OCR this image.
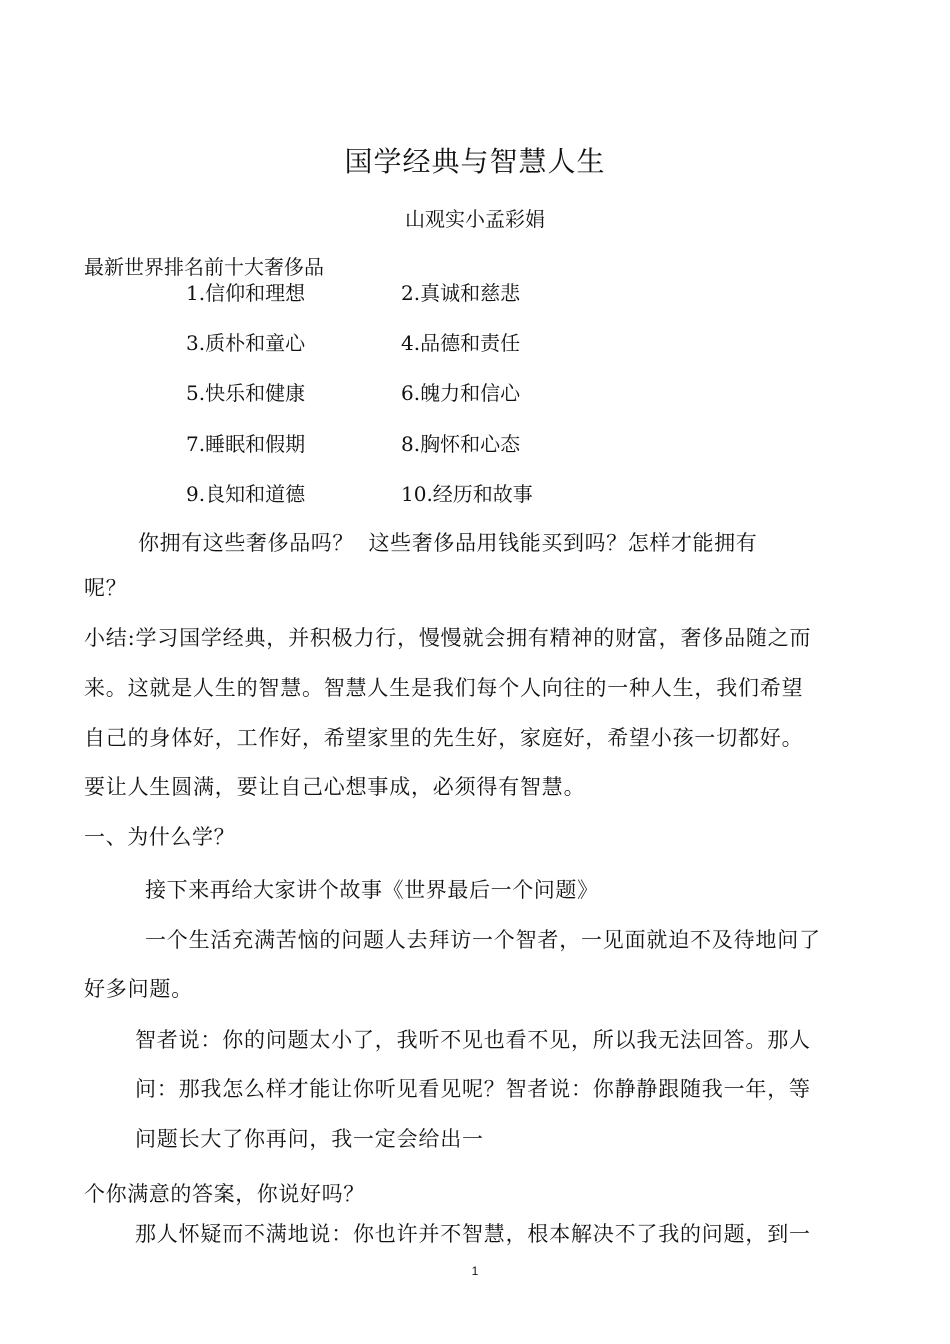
国学经典与智慧人生
山观实小孟彩娟
最新世界排名前十大奢侈品
1.信仰和理想	2.真诚和慈悲
3.质朴和童心	4.品德和责任
5.快乐和健康	6.魄力和信心
7.睡眠和假期	8.胸怀和心态
9.良知和道德	10.经历和故事
你拥有这些奢侈品吗？  这些奢侈品用钱能买到吗？怎样才能拥有
呢？
小结:学习国学经典，并积极力行，慢慢就会拥有精神的财富，奢侈品随之而
来。这就是人生的智慧。智慧人生是我们每个人向往的一种人生，我们希望
自己的身体好，工作好，希望家里的先生好，家庭好，希望小孩一切都好。
要让人生圆满，要让自己心想事成，必须得有智慧。
一、为什么学？
接下来再给大家讲个故事《世界最后一个问题》
一个生活充满苦恼的问题人去拜访一个智者，一见面就迫不及待地问了
好多问题。
智者说：你的问题太小了，我听不见也看不见，所以我无法回答。那人
问：那我怎么样才能让你听见看见呢？智者说：你静静跟随我一年，等
问题长大了你再问，我一定会给出一
个你满意的答案，你说好吗？
那人怀疑而不满地说：你也许并不智慧，根本解决不了我的问题，到一
1
